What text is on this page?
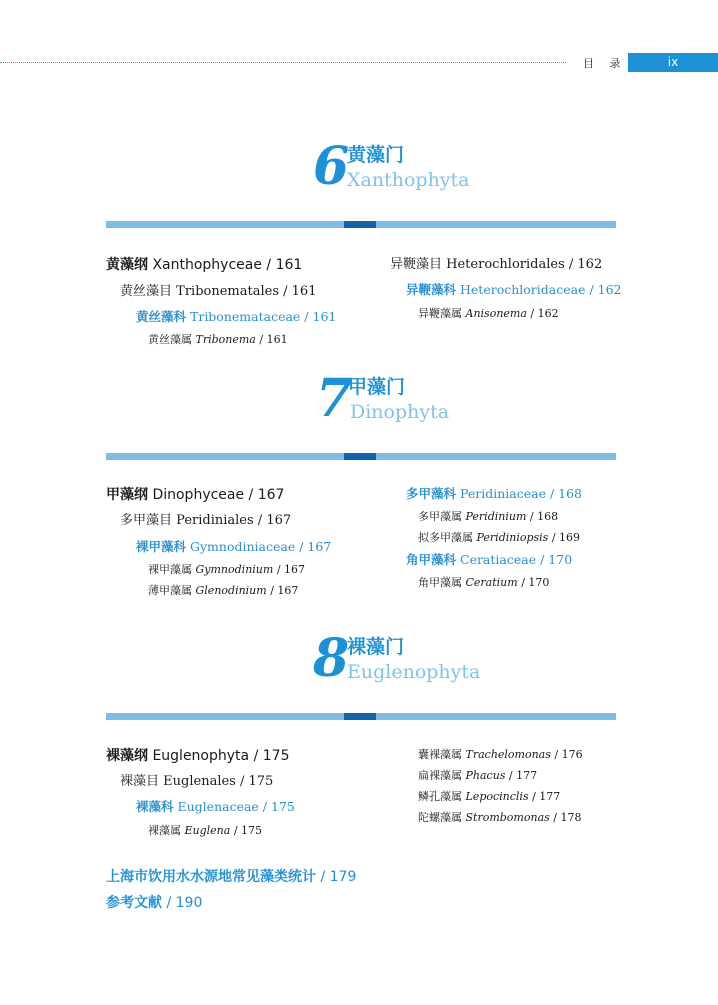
目 录	ix
6
黄藻门
Xanthophyta
黄藻纲 Xanthophyceae / 161
黄丝藻目 Tribonematales / 161
黄丝藻科 Tribonemataceae / 161
黄丝藻属 Tribonema / 161
异鞭藻目 Heterochloridales / 162
异鞭藻科 Heterochloridaceae / 162
异鞭藻属 Anisonema / 162
7
甲藻门
Dinophyta
甲藻纲 Dinophyceae / 167
多甲藻目 Peridiniales / 167
裸甲藻科 Gymnodiniaceae / 167
裸甲藻属 Gymnodinium / 167
薄甲藻属 Glenodinium / 167
多甲藻科 Peridiniaceae / 168
多甲藻属 Peridinium / 168
拟多甲藻属 Peridiniopsis / 169
角甲藻科 Ceratiaceae / 170
角甲藻属 Ceratium / 170
8
裸藻门
Euglenophyta
裸藻纲 Euglenophyta / 175
裸藻目 Euglenales / 175
裸藻科 Euglenaceae / 175
裸藻属 Euglena / 175
囊裸藻属 Trachelomonas / 176
扁裸藻属 Phacus / 177
鳞孔藻属 Lepocinclis / 177
陀螺藻属 Strombomonas / 178
上海市饮用水水源地常见藻类统计 / 179
参考文献 / 190
